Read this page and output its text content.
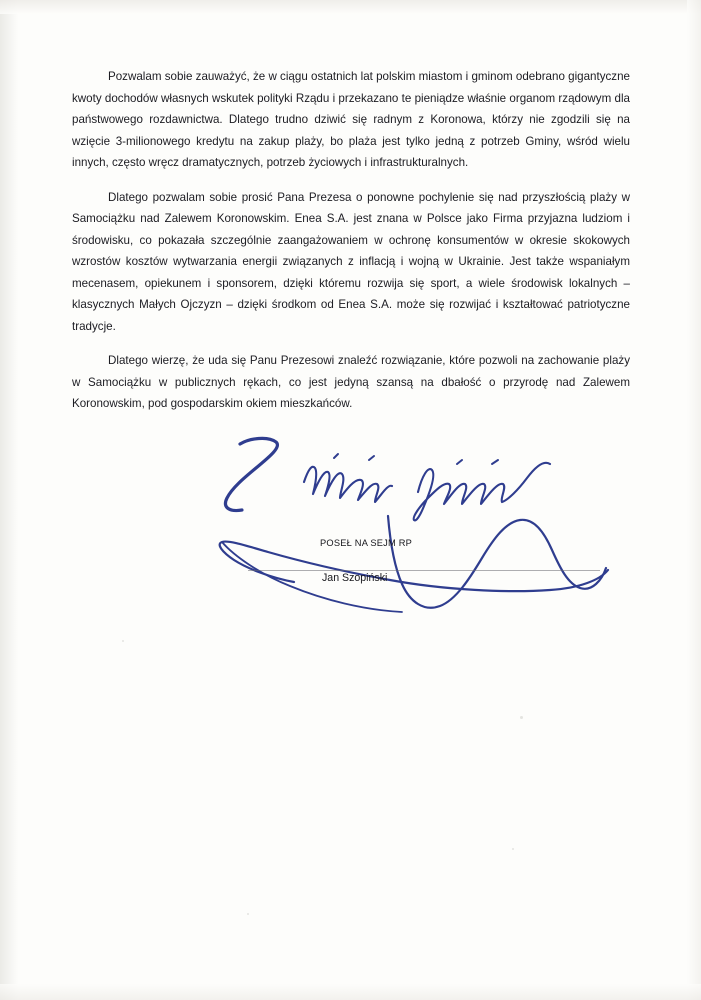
Pozwalam sobie zauważyć, że w ciągu ostatnich lat polskim miastom i gminom odebrano gigantyczne kwoty dochodów własnych wskutek polityki Rządu i przekazano te pieniądze właśnie organom rządowym dla państwowego rozdawnictwa. Dlatego trudno dziwić się radnym z Koronowa, którzy nie zgodzili się na wzięcie 3-milionowego kredytu na zakup plaży, bo plaża jest tylko jedną z potrzeb Gminy, wśród wielu innych, często wręcz dramatycznych, potrzeb życiowych i infrastrukturalnych.

Dlatego pozwalam sobie prosić Pana Prezesa o ponowne pochylenie się nad przyszłością plaży w Samociążku nad Zalewem Koronowskim. Enea S.A. jest znana w Polsce jako Firma przyjazna ludziom i środowisku, co pokazała szczególnie zaangażowaniem w ochronę konsumentów w okresie skokowych wzrostów kosztów wytwarzania energii związanych z inflacją i wojną w Ukrainie. Jest także wspaniałym mecenasem, opiekunem i sponsorem, dzięki któremu rozwija się sport, a wiele środowisk lokalnych – klasycznych Małych Ojczyzn – dzięki środkom od Enea S.A. może się rozwijać i kształtować patriotyczne tradycje.

Dlatego wierzę, że uda się Panu Prezesowi znaleźć rozwiązanie, które pozwoli na zachowanie plaży w Samociążku w publicznych rękach, co jest jedyną szansą na dbałość o przyrodę nad Zalewem Koronowskim, pod gospodarskim okiem mieszkańców.

POSEŁ NA SEJM RP
Jan Szopiński
